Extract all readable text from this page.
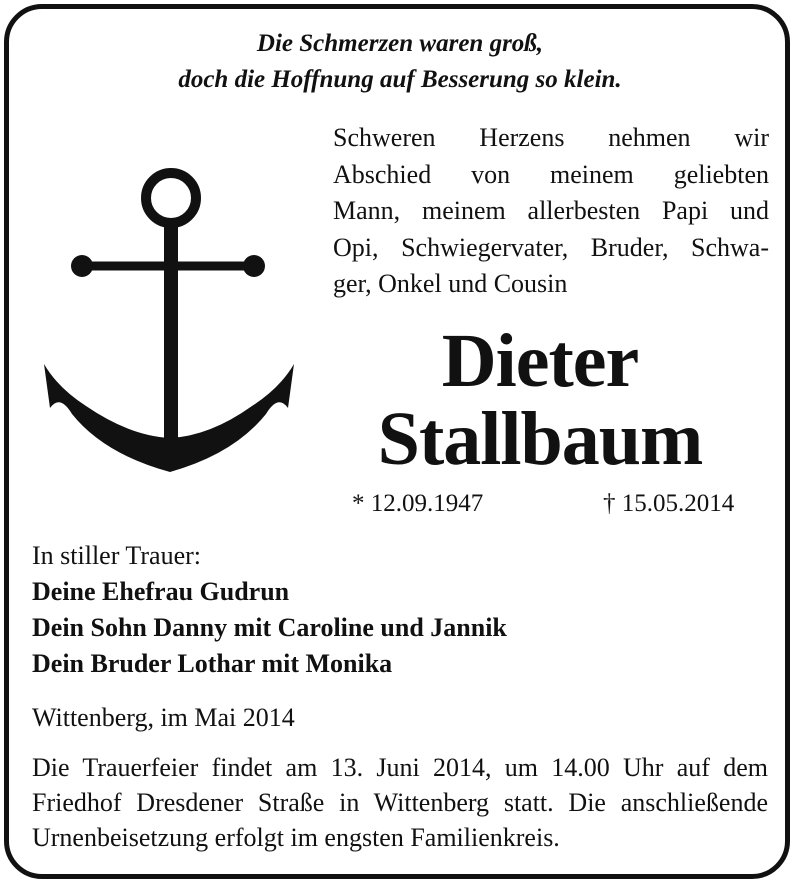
Die Schmerzen waren groß,
doch die Hoffnung auf Besserung so klein.
Schweren Herzens nehmen wir
Abschied von meinem geliebten
Mann, meinem allerbesten Papi und
Opi, Schwiegervater, Bruder, Schwa-
ger, Onkel und Cousin
Dieter
Stallbaum
* 12.09.1947	† 15.05.2014
In stiller Trauer:
Deine Ehefrau Gudrun
Dein Sohn Danny mit Caroline und Jannik
Dein Bruder Lothar mit Monika
Wittenberg, im Mai 2014
Die Trauerfeier findet am 13. Juni 2014, um 14.00 Uhr auf dem
Friedhof Dresdener Straße in Wittenberg statt. Die anschließende
Urnenbeisetzung erfolgt im engsten Familienkreis.
